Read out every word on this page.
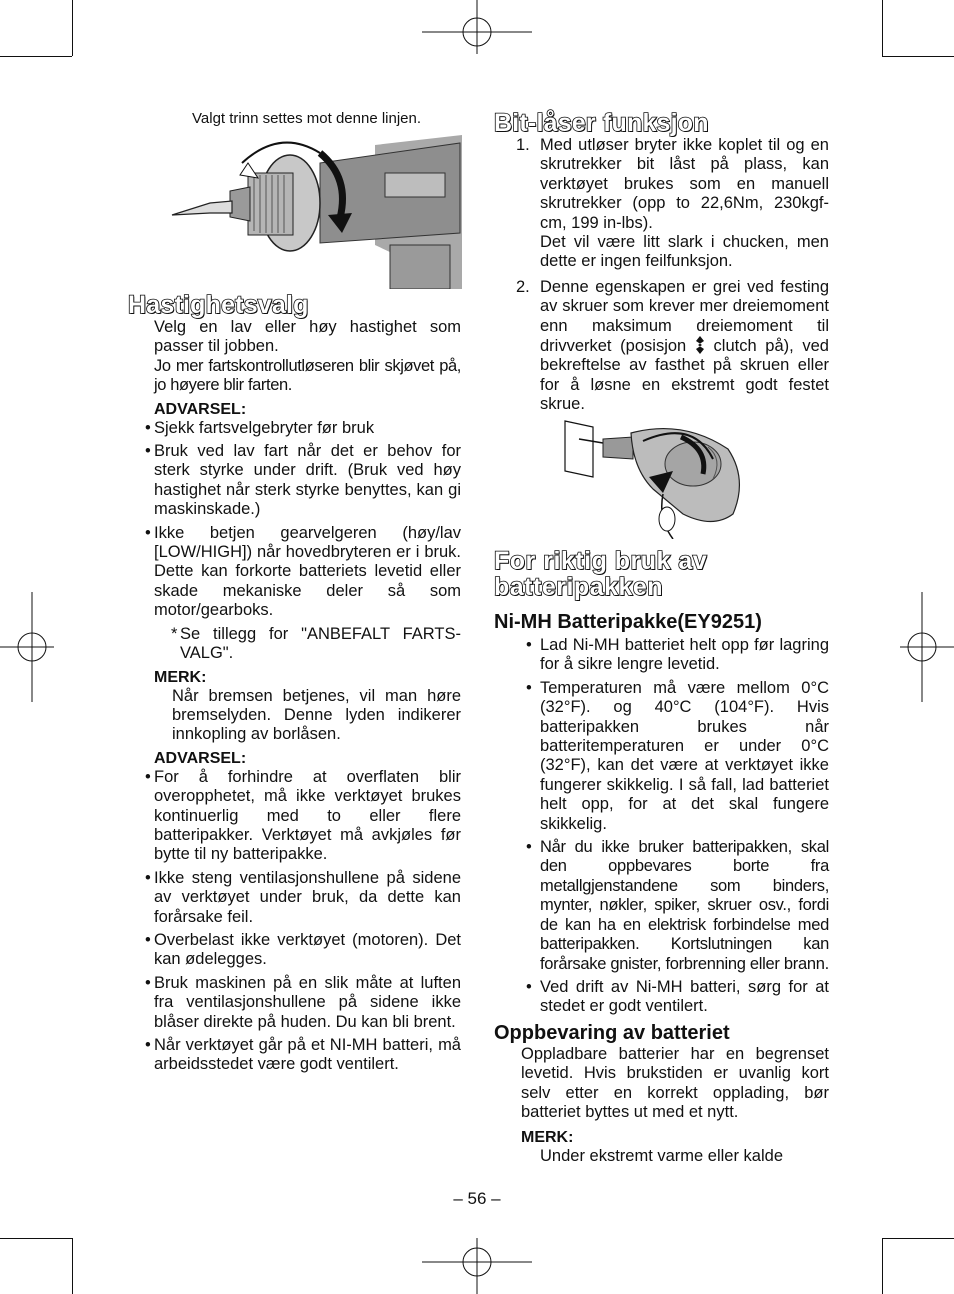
Valgt trinn settes mot denne linjen.
Hastighetsvalg
Velg en lav eller høy hastighet som passer til jobben.
Jo mer fartskontrollutløseren blir skjøvet på, jo høyere blir farten.
ADVARSEL:
• Sjekk fartsvelgebryter før bruk
• Bruk ved lav fart når det er behov for sterk styrke under drift. (Bruk ved høy hastighet når sterk styrke benyttes, kan gi maskinskade.)
• Ikke betjen gearvelgeren (høy/lav [LOW/HIGH]) når hovedbryteren er i bruk. Dette kan forkorte batteriets levetid eller skade mekaniske deler så som motor/gearboks.
* Se tillegg for "ANBEFALT FARTS-VALG".
MERK:
Når bremsen betjenes, vil man høre bremselyden. Denne lyden indikerer innkopling av borlåsen.
ADVARSEL:
• For å forhindre at overflaten blir overopphetet, må ikke verktøyet brukes kontinuerlig med to eller flere batteripakker. Verktøyet må avkjøles før bytte til ny batteripakke.
• Ikke steng ventilasjonshullene på sidene av verktøyet under bruk, da dette kan forårsake feil.
• Overbelast ikke verktøyet (motoren). Det kan ødelegges.
• Bruk maskinen på en slik måte at luften fra ventilasjonshullene på sidene ikke blåser direkte på huden. Du kan bli brent.
• Når verktøyet går på et NI-MH batteri, må arbeidsstedet være godt ventilert.
Bit-låser funksjon
1. Med utløser bryter ikke koplet til og en skrutrekker bit låst på plass, kan verktøyet brukes som en manuell skrutrekker (opp to 22,6Nm, 230kgf-cm, 199 in-lbs).
Det vil være litt slark i chucken, men dette er ingen feilfunksjon.
2. Denne egenskapen er grei ved festing av skruer som krever mer dreiemoment enn maksimum dreiemoment til drivverket (posisjon clutch på), ved bekreftelse av fasthet på skruen eller for å løsne en ekstremt godt festet skrue.
For riktig bruk av batteripakken
Ni-MH Batteripakke(EY9251)
• Lad Ni-MH batteriet helt opp før lagring for å sikre lengre levetid.
• Temperaturen må være mellom 0°C (32°F). og 40°C (104°F). Hvis batteripakken brukes når batteritemperaturen er under 0°C (32°F), kan det være at verktøyet ikke fungerer skikkelig. I så fall, lad batteriet helt opp, for at det skal fungere skikkelig.
• Når du ikke bruker batteripakken, skal den oppbevares borte fra metallgjenstandene som binders, mynter, nøkler, spiker, skruer osv., fordi de kan ha en elektrisk forbindelse med batteripakken. Kortslutningen kan forårsake gnister, forbrenning eller brann.
• Ved drift av Ni-MH batteri, sørg for at stedet er godt ventilert.
Oppbevaring av batteriet
Oppladbare batterier har en begrenset levetid. Hvis brukstiden er uvanlig kort selv etter en korrekt opplading, bør batteriet byttes ut med et nytt.
MERK:
Under ekstremt varme eller kalde
– 56 –
